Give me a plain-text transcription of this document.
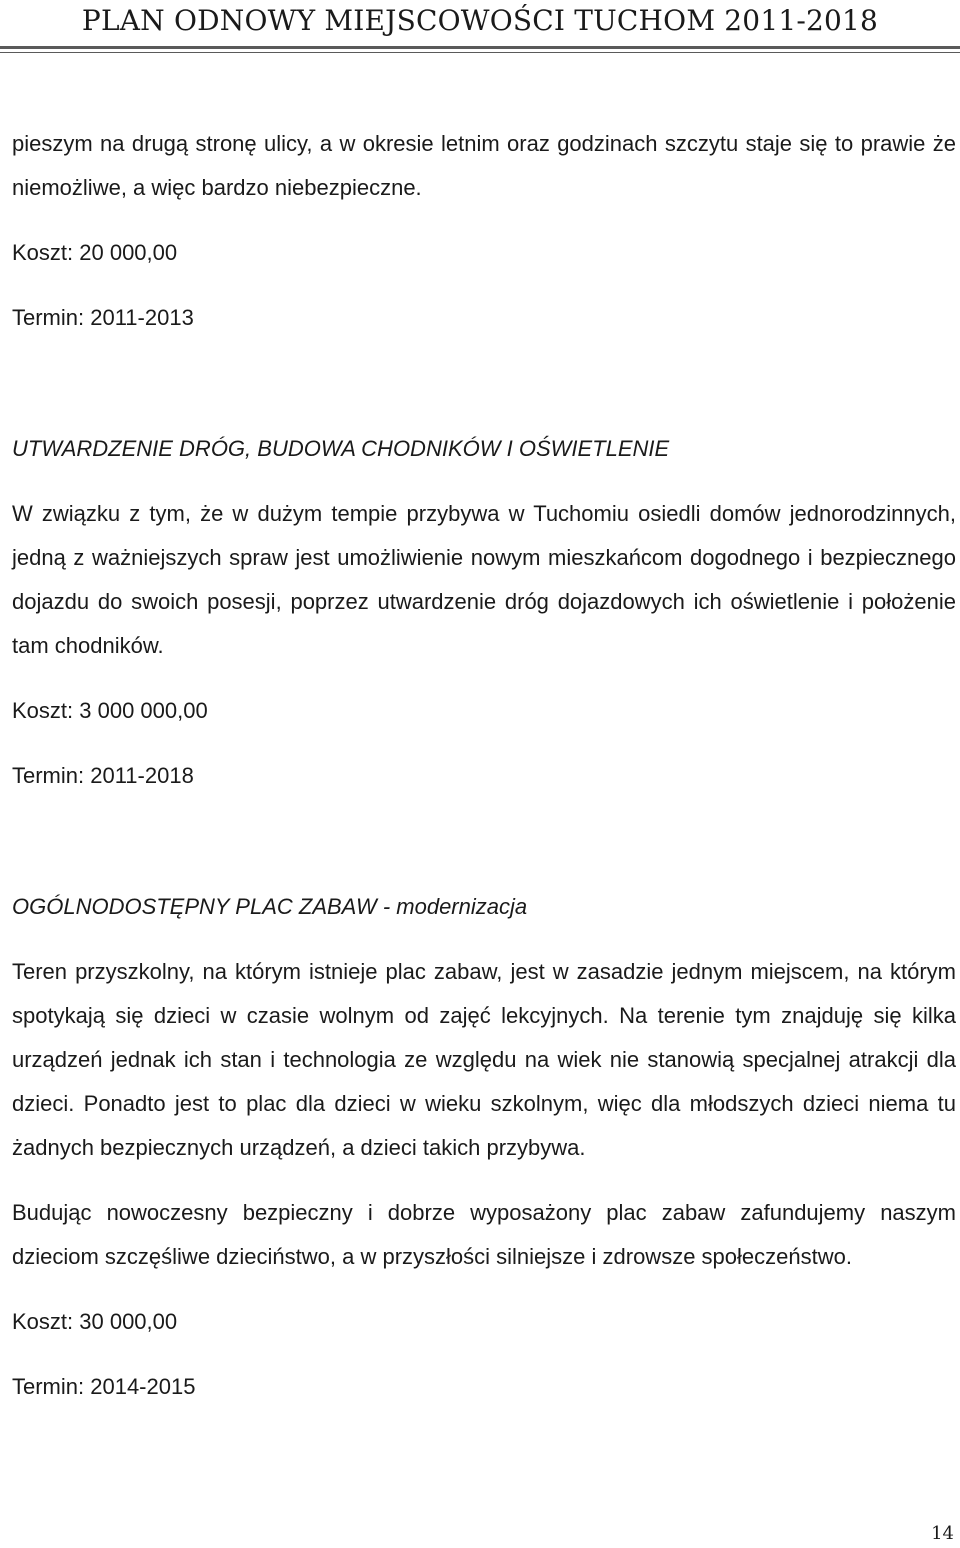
PLAN ODNOWY MIEJSCOWOŚCI TUCHOM 2011-2018

pieszym na drugą stronę ulicy, a w okresie letnim oraz godzinach szczytu staje się to prawie że niemożliwe, a więc bardzo niebezpieczne.

Koszt: 20 000,00

Termin: 2011-2013

UTWARDZENIE DRÓG, BUDOWA CHODNIKÓW I OŚWIETLENIE

W związku z tym, że w dużym tempie przybywa w Tuchomiu osiedli domów jednorodzinnych, jedną z ważniejszych spraw jest umożliwienie nowym mieszkańcom dogodnego i bezpiecznego dojazdu do swoich posesji, poprzez utwardzenie dróg dojazdowych ich oświetlenie i położenie tam chodników.

Koszt: 3 000 000,00

Termin: 2011-2018

OGÓLNODOSTĘPNY PLAC ZABAW - modernizacja

Teren przyszkolny, na którym istnieje plac zabaw, jest w zasadzie jednym miejscem, na którym spotykają się dzieci w czasie wolnym od zajęć lekcyjnych. Na terenie tym znajduję się kilka urządzeń jednak ich stan i technologia ze względu na wiek nie stanowią specjalnej atrakcji dla dzieci. Ponadto jest to plac dla dzieci w wieku szkolnym, więc dla młodszych dzieci niema tu żadnych bezpiecznych urządzeń, a dzieci takich przybywa.

Budując nowoczesny bezpieczny i dobrze wyposażony plac zabaw zafundujemy naszym dzieciom szczęśliwe dzieciństwo, a w przyszłości silniejsze i zdrowsze społeczeństwo.

Koszt: 30 000,00

Termin: 2014-2015

14
